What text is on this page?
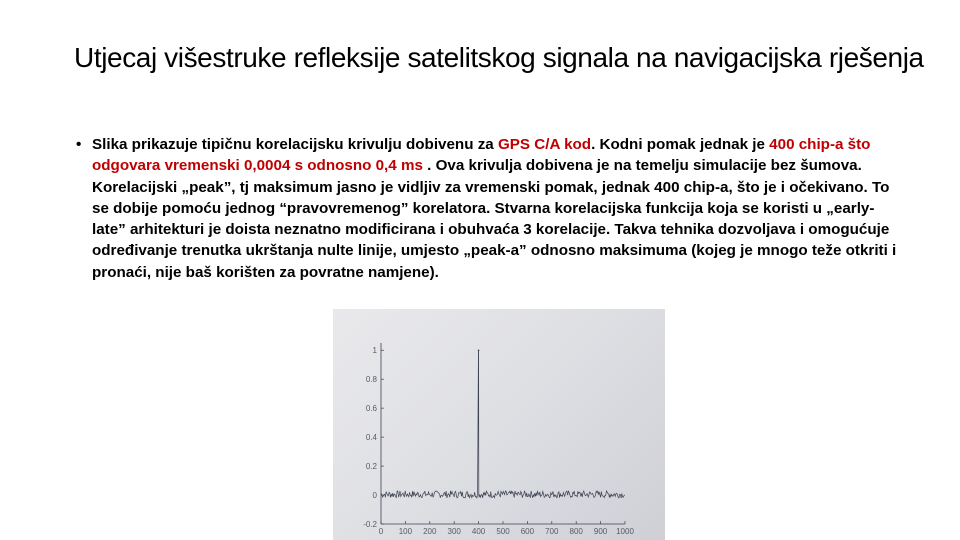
Utjecaj višestruke refleksije satelitskog signala na navigacijska rješenja
• Slika prikazuje tipičnu korelacijsku krivulju dobivenu za GPS C/A kod. Kodni pomak jednak je 400 chip-a što odgovara vremenski 0,0004 s odnosno 0,4 ms . Ova krivulja dobivena je na temelju simulacije bez šumova.
Korelacijski „peak”, tj maksimum jasno je vidljiv za vremenski pomak, jednak 400 chip-a, što je i očekivano. To se dobije pomoću jednog “pravovremenog” korelatora. Stvarna korelacijska funkcija koja se koristi u „early-late” arhitekturi je doista neznatno modificirana i obuhvaća 3 korelacije. Takva tehnika dozvoljava i omogućuje određivanje trenutka ukrštanja nulte linije, umjesto „peak-a” odnosno maksimuma (kojeg je mnogo teže otkriti i pronaći, nije baš korišten za povratne namjene).
1
0.8
0.6
0.4
0.2
0
-0.2
0 100 200 300 400 500 600 700 800 900 1000
